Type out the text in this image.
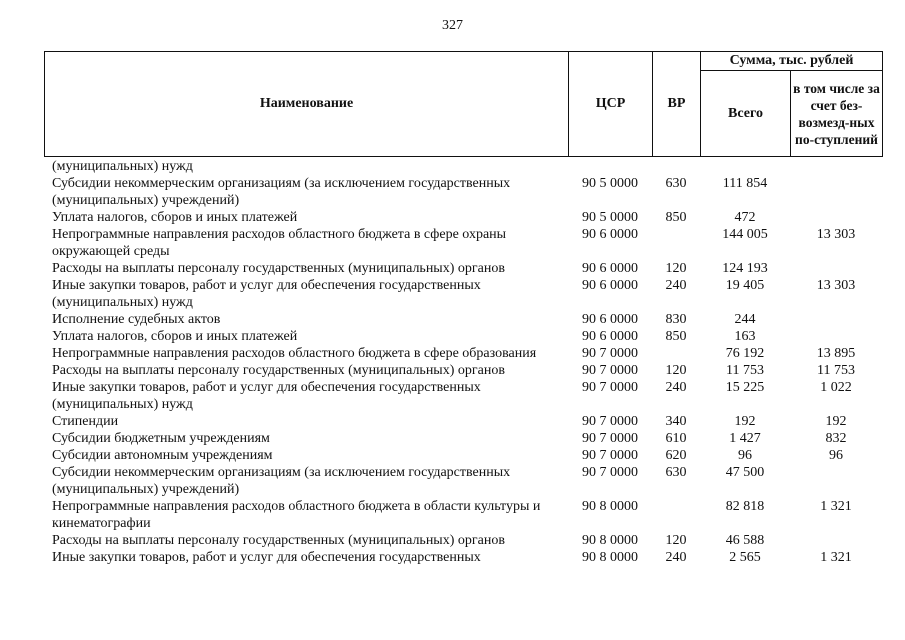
327
Наименование	ЦСР	ВР	Сумма, тыс. рублей	
			Всего	в том числе за счет без-возмезд-ных по-ступлений
(муниципальных) нужд				
Субсидии некоммерческим организациям (за исключением государственных (муниципальных) учреждений)	90 5 0000	630	111 854	
Уплата налогов, сборов и иных платежей	90 5 0000	850	472	
Непрограммные направления расходов областного бюджета в сфере охраны окружающей среды	90 6 0000		144 005	13 303
Расходы на выплаты персоналу государственных (муниципальных) органов	90 6 0000	120	124 193	
Иные закупки товаров, работ и услуг для обеспечения государственных (муниципальных) нужд	90 6 0000	240	19 405	13 303
Исполнение судебных актов	90 6 0000	830	244	
Уплата налогов, сборов и иных платежей	90 6 0000	850	163	
Непрограммные направления расходов областного бюджета в сфере образования	90 7 0000		76 192	13 895
Расходы на выплаты персоналу государственных (муниципальных) органов	90 7 0000	120	11 753	11 753
Иные закупки товаров, работ и услуг для обеспечения государственных (муниципальных) нужд	90 7 0000	240	15 225	1 022
Стипендии	90 7 0000	340	192	192
Субсидии бюджетным учреждениям	90 7 0000	610	1 427	832
Субсидии автономным учреждениям	90 7 0000	620	96	96
Субсидии некоммерческим организациям (за исключением государственных (муниципальных) учреждений)	90 7 0000	630	47 500	
Непрограммные направления расходов областного бюджета в области культуры и кинематографии	90 8 0000		82 818	1 321
Расходы на выплаты персоналу государственных (муниципальных) органов	90 8 0000	120	46 588	
Иные закупки товаров, работ и услуг для обеспечения государственных	90 8 0000	240	2 565	1 321
